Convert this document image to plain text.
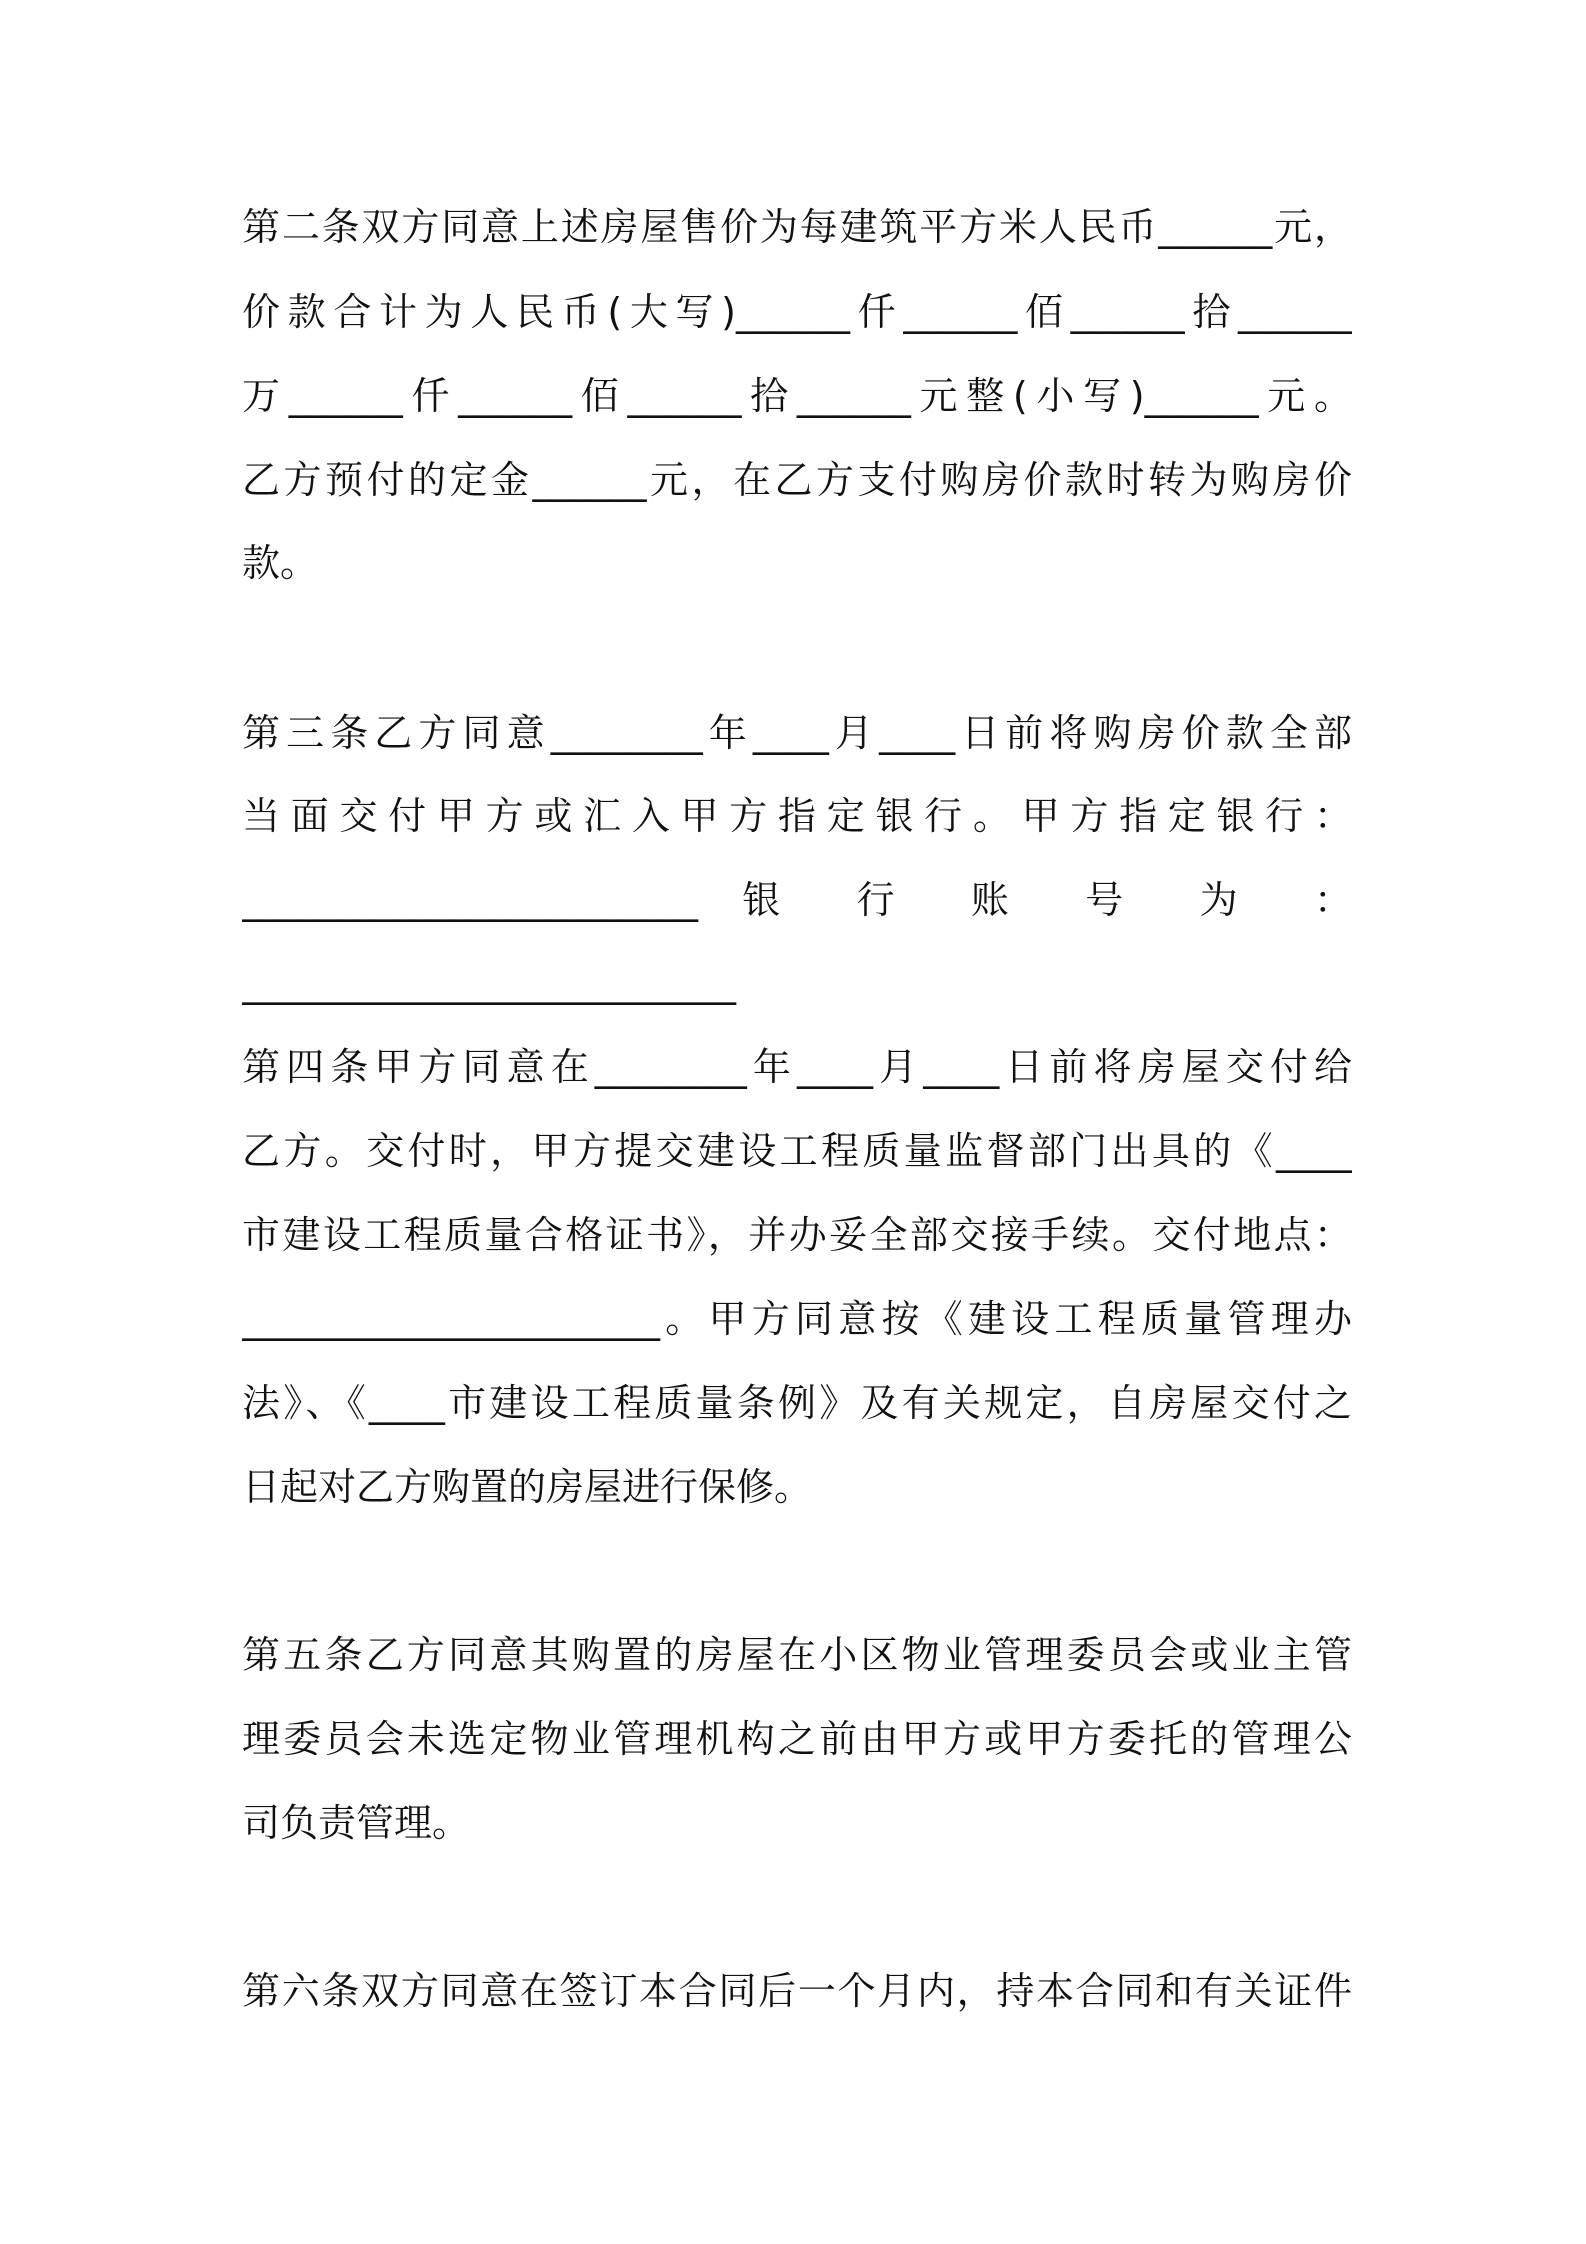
第二条双方同意上述房屋售价为每建筑平方米人民币______元，
价款合计为人民币(大写)______仟______佰______拾______
万______仟______佰______拾______元整(小写)______元。
乙方预付的定金______元，在乙方支付购房价款时转为购房价
款。
第三条乙方同意________年____月____日前将购房价款全部
当面交付甲方或汇入甲方指定银行。甲方指定银行：
________________________ 银 行 账 号 为 ：
__________________________
第四条甲方同意在________年____月____日前将房屋交付给
乙方。交付时，甲方提交建设工程质量监督部门出具的《____
市建设工程质量合格证书》，并办妥全部交接手续。交付地点：
______________________。甲方同意按《建设工程质量管理办
法》、《____市建设工程质量条例》及有关规定，自房屋交付之
日起对乙方购置的房屋进行保修。
第五条乙方同意其购置的房屋在小区物业管理委员会或业主管
理委员会未选定物业管理机构之前由甲方或甲方委托的管理公
司负责管理。
第六条双方同意在签订本合同后一个月内，持本合同和有关证件
